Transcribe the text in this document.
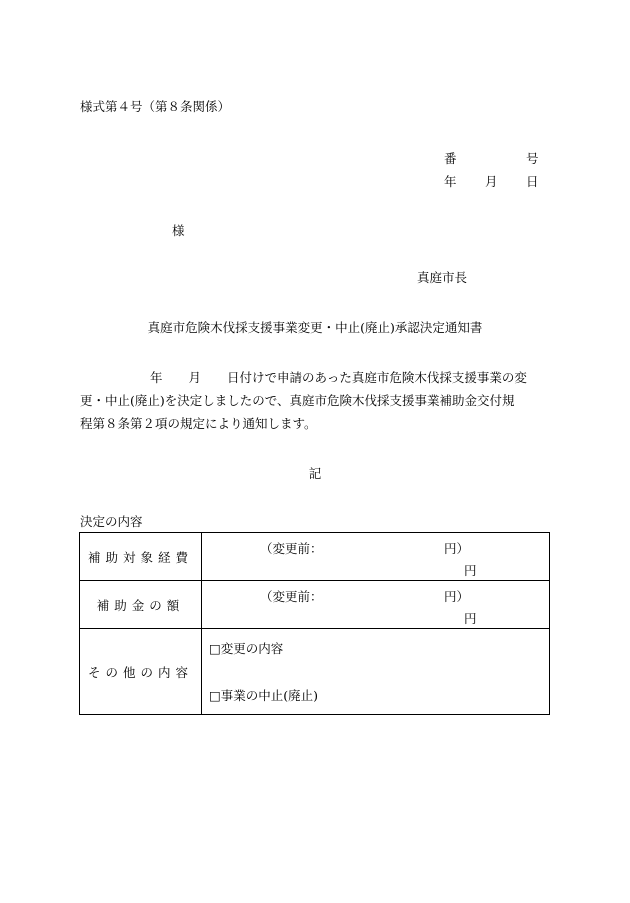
様式第４号（第８条関係）
番	号
年 月 日
様
真庭市長
真庭市危険木伐採支援事業変更・中止(廃止)承認決定通知書
年 月 日付けで申請のあった真庭市危険木伐採支援事業の変
更・中止(廃止)を決定しましたので、真庭市危険木伐採支援事業補助金交付規
程第８条第２項の規定により通知します。
記
決定の内容
補助対象経費	（変更前： 円）
円

補助金の額	（変更前： 円）
円

その他の内容	□変更の内容
□事業の中止(廃止)
